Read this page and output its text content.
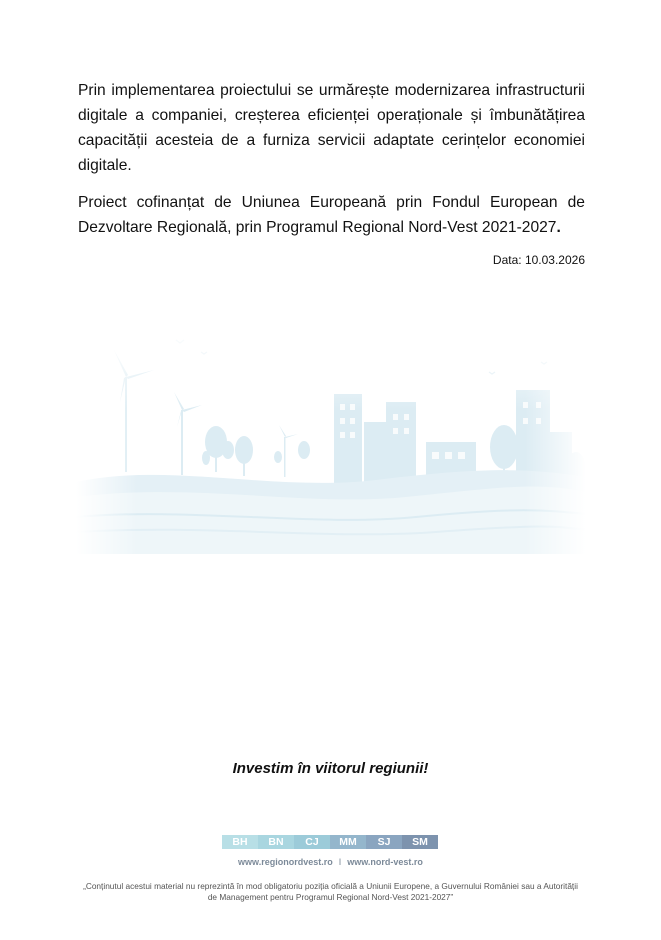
Prin implementarea proiectului se urmărește modernizarea infrastructurii digitale a companiei, creșterea eficienței operaționale și îmbunătățirea capacității acesteia de a furniza servicii adaptate cerințelor economiei digitale.

Proiect cofinanțat de Uniunea Europeană prin Fondul European de Dezvoltare Regională, prin Programul Regional Nord-Vest 2021-2027.

Data: 10.03.2026
Investim în viitorul regiunii!
BH	BN	CJ	MM	SJ	SM
www.regionordvest.ro I www.nord-vest.ro
„Conținutul acestui material nu reprezintă în mod obligatoriu poziția oficială a Uniunii Europene, a Guvernului României sau a Autorității de Management pentru Programul Regional Nord-Vest 2021-2027”
